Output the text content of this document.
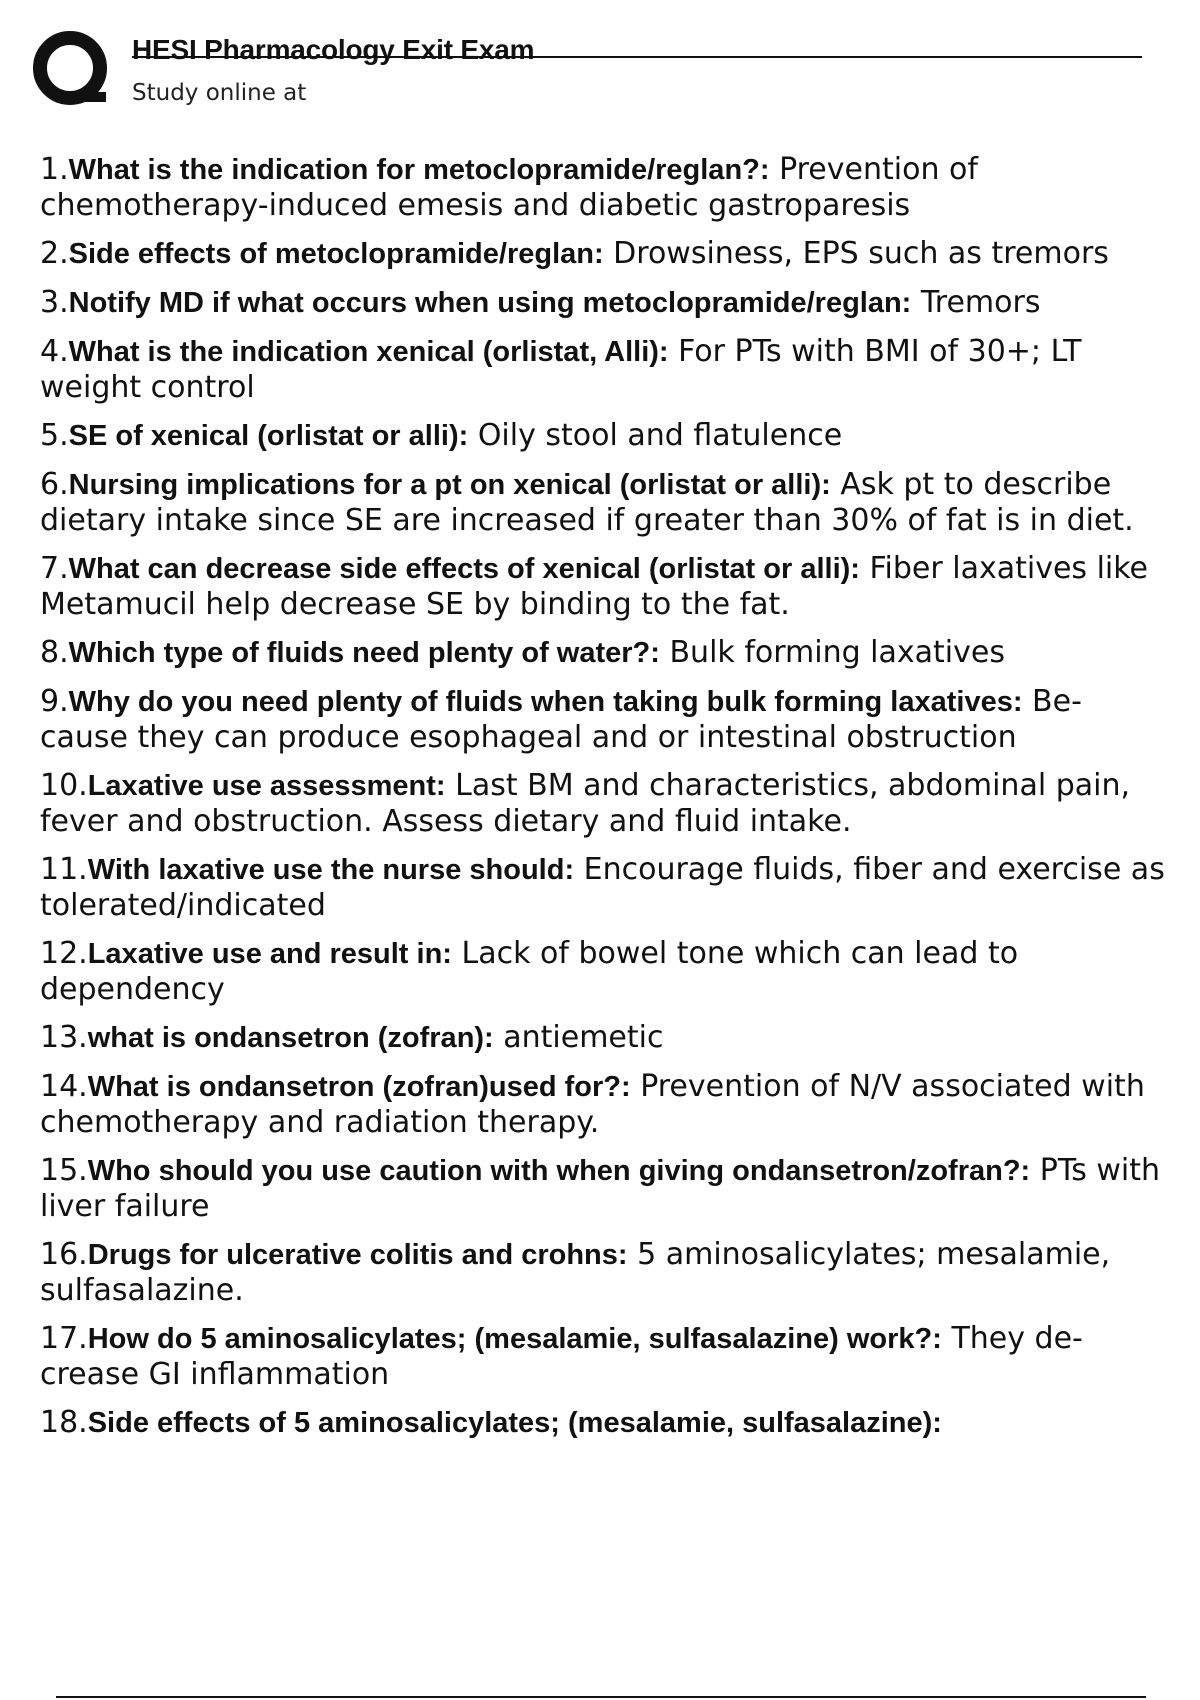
HESI Pharmacology Exit Exam
Study online at
1.What is the indication for metoclopramide/reglan?: Prevention of chemotherapy-induced emesis and diabetic gastroparesis
2.Side effects of metoclopramide/reglan: Drowsiness, EPS such as tremors
3.Notify MD if what occurs when using metoclopramide/reglan: Tremors
4.What is the indication xenical (orlistat, Alli): For PTs with BMI of 30+; LT weight control
5.SE of xenical (orlistat or alli): Oily stool and flatulence
6.Nursing implications for a pt on xenical (orlistat or alli): Ask pt to describe dietary intake since SE are increased if greater than 30% of fat is in diet.
7.What can decrease side effects of xenical (orlistat or alli): Fiber laxatives like Metamucil help decrease SE by binding to the fat.
8.Which type of fluids need plenty of water?: Bulk forming laxatives
9.Why do you need plenty of fluids when taking bulk forming laxatives: Be- cause they can produce esophageal and or intestinal obstruction
10.Laxative use assessment: Last BM and characteristics, abdominal pain, fever and obstruction. Assess dietary and fluid intake.
11.With laxative use the nurse should: Encourage fluids, fiber and exercise as tolerated/indicated
12.Laxative use and result in: Lack of bowel tone which can lead to dependency
13.what is ondansetron (zofran): antiemetic
14.What is ondansetron (zofran)used for?: Prevention of N/V associated with chemotherapy and radiation therapy.
15.Who should you use caution with when giving ondansetron/zofran?: PTs with liver failure
16.Drugs for ulcerative colitis and crohns: 5 aminosalicylates; mesalamie, sulfasalazine.
17.How do 5 aminosalicylates; (mesalamie, sulfasalazine) work?: They de- crease GI inflammation
18.Side effects of 5 aminosalicylates; (mesalamie, sulfasalazine):
